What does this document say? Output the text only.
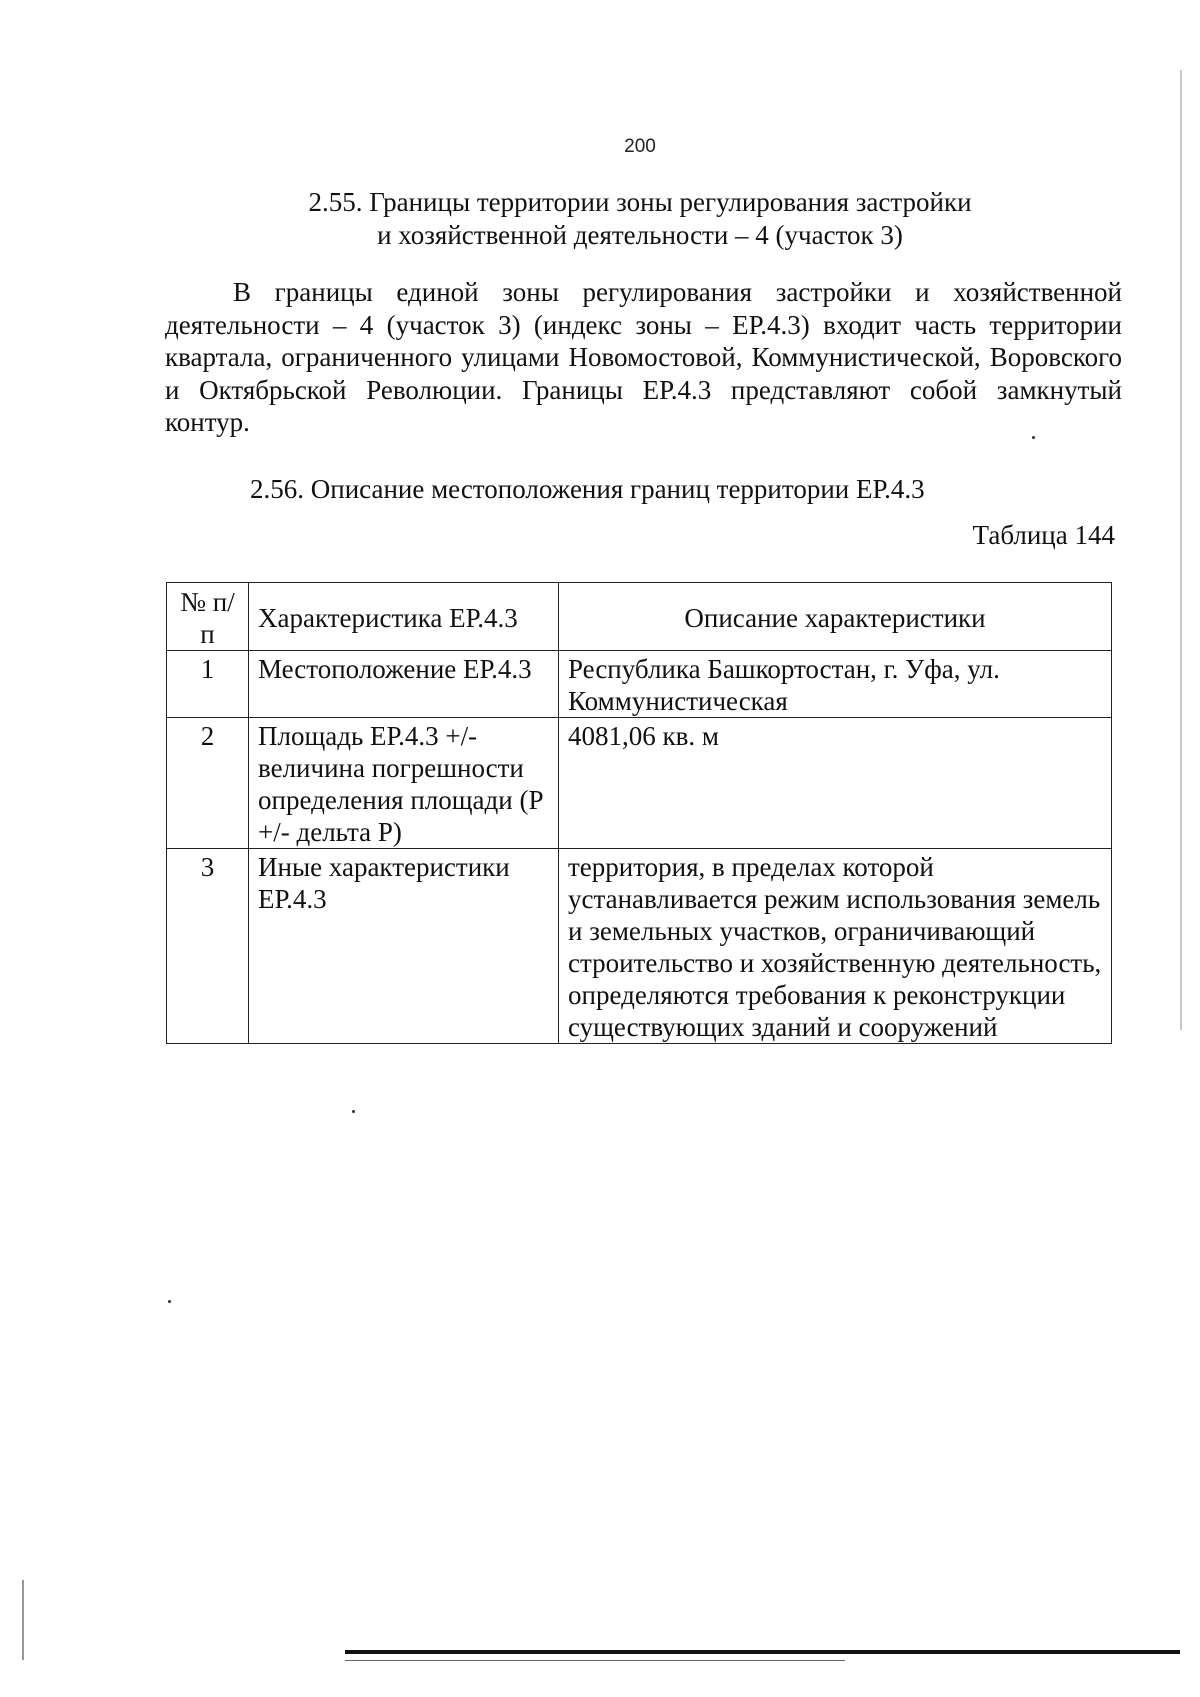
200
2.55. Границы территории зоны регулирования застройки
и хозяйственной деятельности – 4 (участок 3)
В границы единой зоны регулирования застройки и хозяйственной деятельности – 4 (участок 3) (индекс зоны – ЕР.4.3) входит часть территории квартала, ограниченного улицами Новомостовой, Коммунистической, Воровского и Октябрьской Революции. Границы ЕР.4.3 представляют собой замкнутый контур.
2.56. Описание местоположения границ территории ЕР.4.3
Таблица 144
№ п/п	Характеристика ЕР.4.3	Описание характеристики
1	Местоположение ЕР.4.3	Республика Башкортостан, г. Уфа, ул. Коммунистическая
2	Площадь ЕР.4.3 +/- величина погрешности определения площади (Р +/- дельта Р)	4081,06 кв. м
3	Иные характеристики ЕР.4.3	территория, в пределах которой устанавливается режим использования земель и земельных участков, ограничивающий строительство и хозяйственную деятельность, определяются требования к реконструкции существующих зданий и сооружений
